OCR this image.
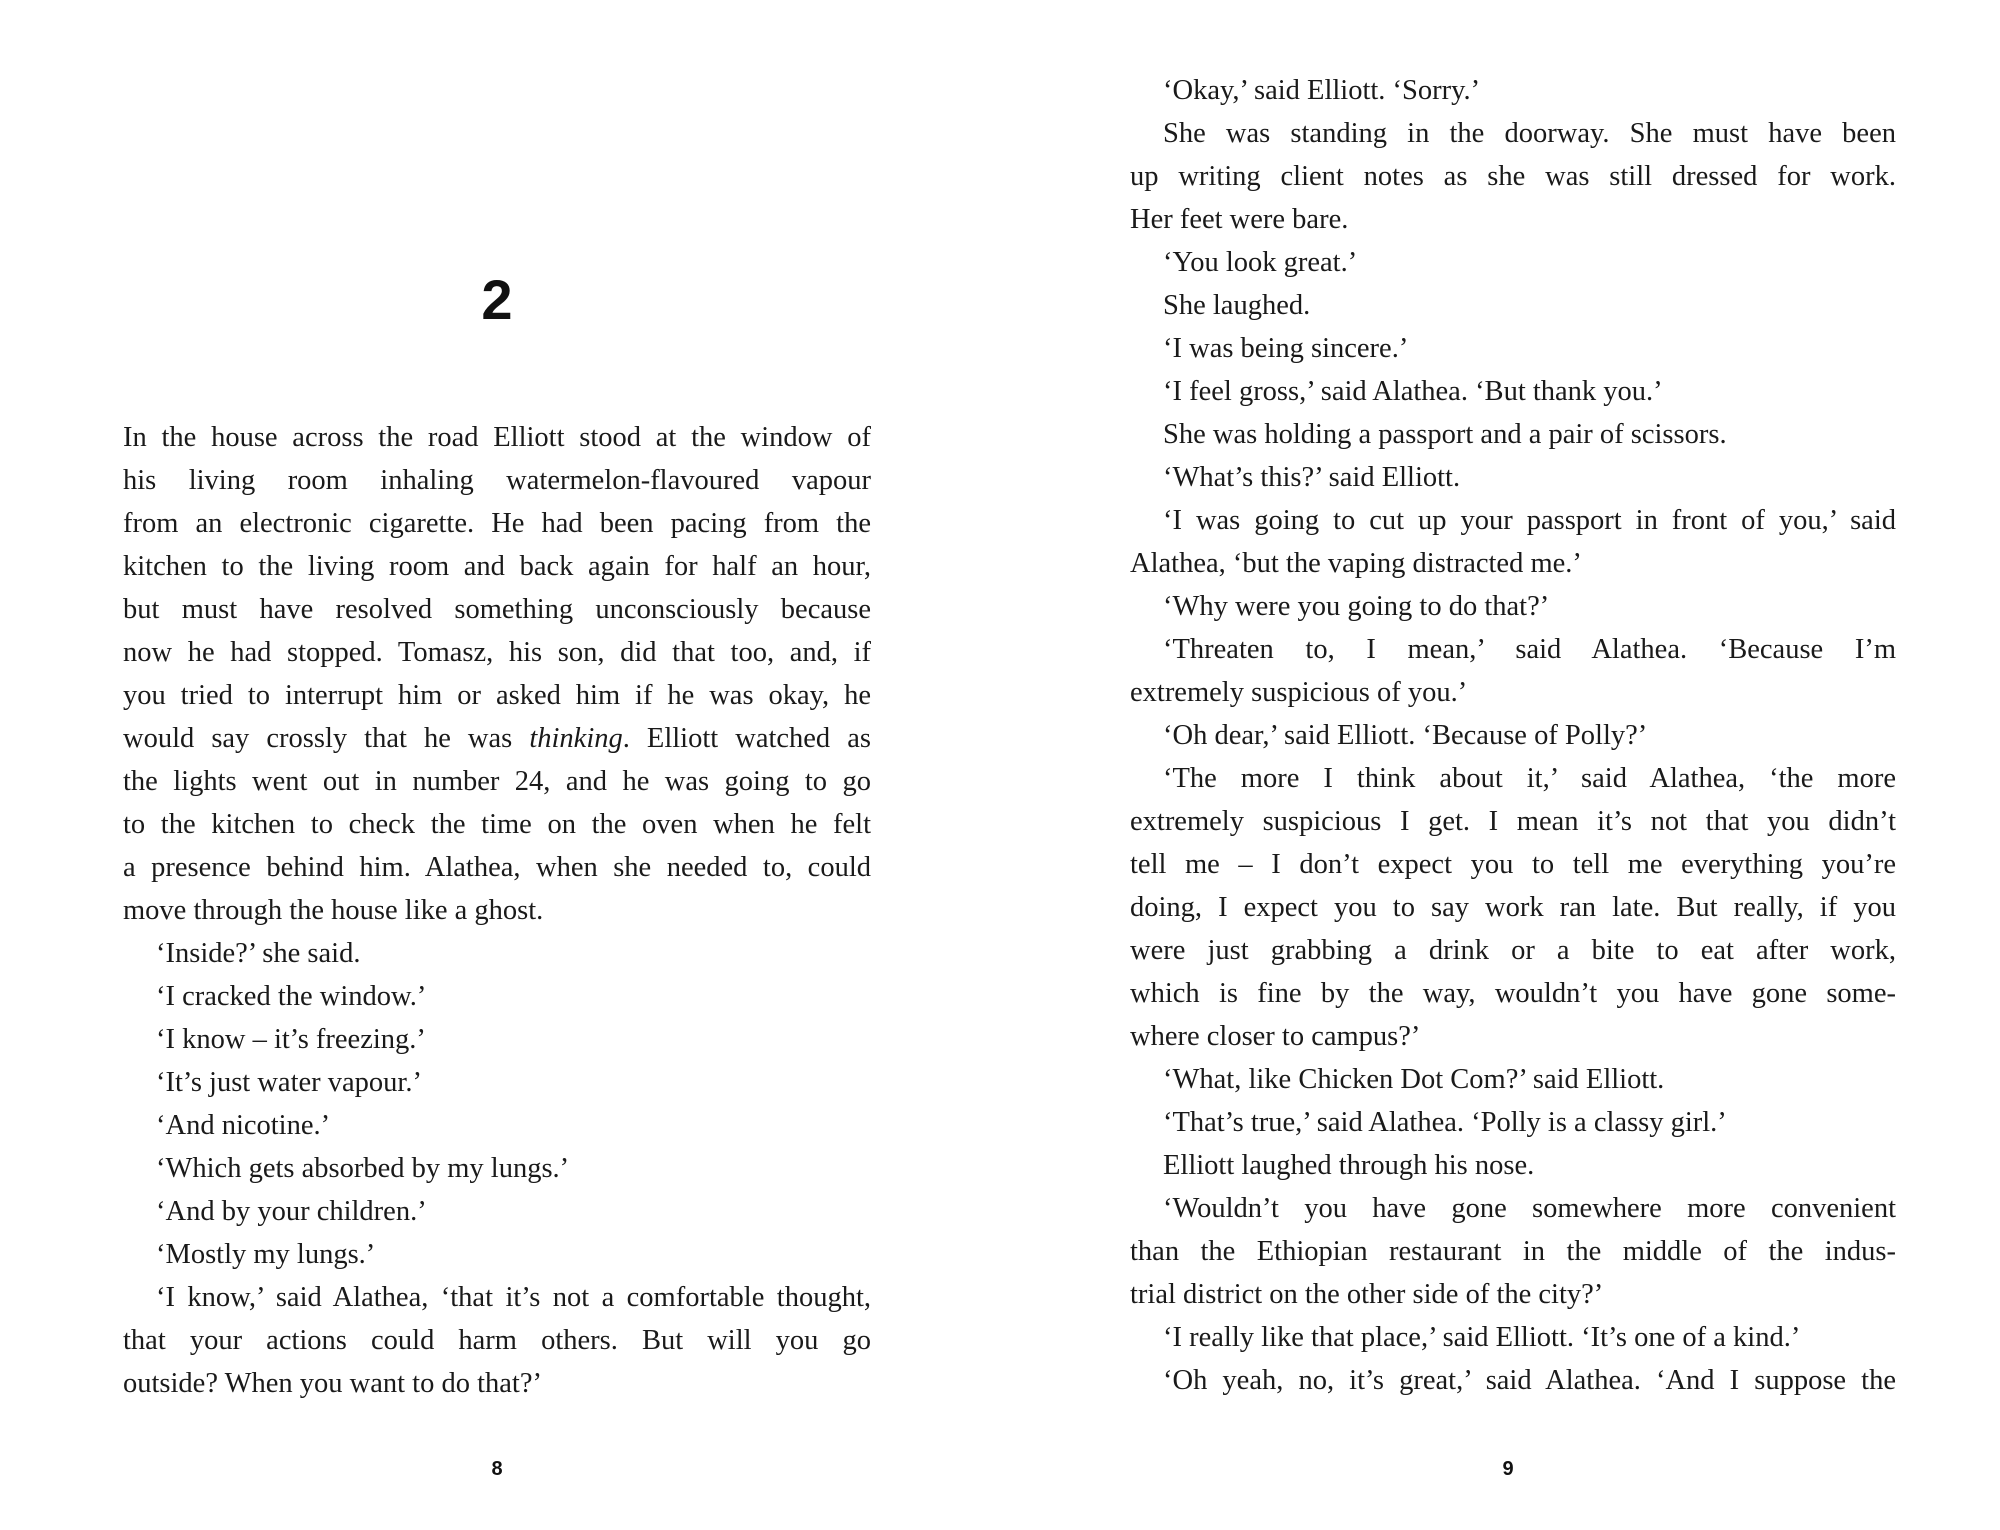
2
In the house across the road Elliott stood at the window of
his living room inhaling watermelon-flavoured vapour
from an electronic cigarette. He had been pacing from the
kitchen to the living room and back again for half an hour,
but must have resolved something unconsciously because
now he had stopped. Tomasz, his son, did that too, and, if
you tried to interrupt him or asked him if he was okay, he
would say crossly that he was thinking. Elliott watched as
the lights went out in number 24, and he was going to go
to the kitchen to check the time on the oven when he felt
a presence behind him. Alathea, when she needed to, could
move through the house like a ghost.
‘Inside?’ she said.
‘I cracked the window.’
‘I know – it’s freezing.’
‘It’s just water vapour.’
‘And nicotine.’
‘Which gets absorbed by my lungs.’
‘And by your children.’
‘Mostly my lungs.’
‘I know,’ said Alathea, ‘that it’s not a comfortable thought,
that your actions could harm others. But will you go
outside? When you want to do that?’
8
‘Okay,’ said Elliott. ‘Sorry.’
She was standing in the doorway. She must have been
up writing client notes as she was still dressed for work.
Her feet were bare.
‘You look great.’
She laughed.
‘I was being sincere.’
‘I feel gross,’ said Alathea. ‘But thank you.’
She was holding a passport and a pair of scissors.
‘What’s this?’ said Elliott.
‘I was going to cut up your passport in front of you,’ said
Alathea, ‘but the vaping distracted me.’
‘Why were you going to do that?’
‘Threaten to, I mean,’ said Alathea. ‘Because I’m
extremely suspicious of you.’
‘Oh dear,’ said Elliott. ‘Because of Polly?’
‘The more I think about it,’ said Alathea, ‘the more
extremely suspicious I get. I mean it’s not that you didn’t
tell me – I don’t expect you to tell me everything you’re
doing, I expect you to say work ran late. But really, if you
were just grabbing a drink or a bite to eat after work,
which is fine by the way, wouldn’t you have gone some-
where closer to campus?’
‘What, like Chicken Dot Com?’ said Elliott.
‘That’s true,’ said Alathea. ‘Polly is a classy girl.’
Elliott laughed through his nose.
‘Wouldn’t you have gone somewhere more convenient
than the Ethiopian restaurant in the middle of the indus-
trial district on the other side of the city?’
‘I really like that place,’ said Elliott. ‘It’s one of a kind.’
‘Oh yeah, no, it’s great,’ said Alathea. ‘And I suppose the
9
